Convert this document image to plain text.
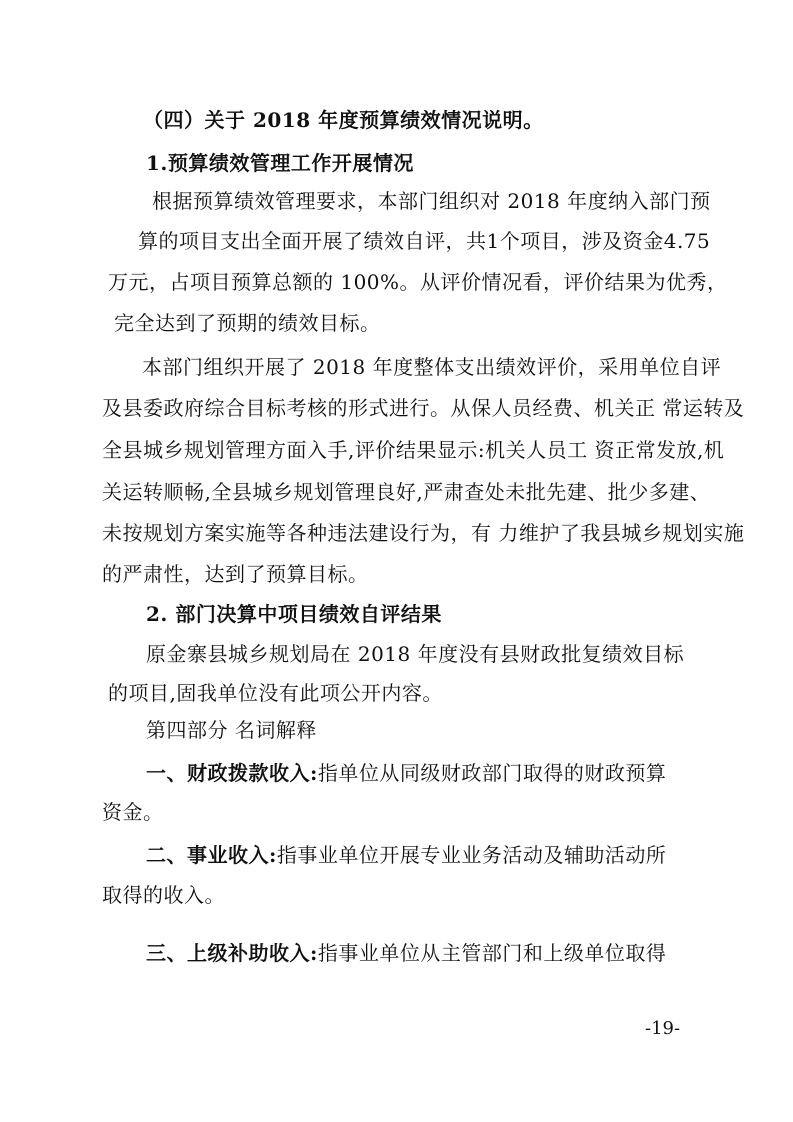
（四）关于 2018 年度预算绩效情况说明。
1.预算绩效管理工作开展情况
根据预算绩效管理要求，本部门组织对 2018 年度纳入部门预
算的项目支出全面开展了绩效自评，共1个项目，涉及资金4.75
万元，占项目预算总额的 100%。从评价情况看，评价结果为优秀，
完全达到了预期的绩效目标。
本部门组织开展了 2018 年度整体支出绩效评价，采用单位自评
及县委政府综合目标考核的形式进行。从保人员经费、机关正 常运转及
全县城乡规划管理方面入手,评价结果显示:机关人员工 资正常发放,机
关运转顺畅,全县城乡规划管理良好,严肃查处未批先建、批少多建、
未按规划方案实施等各种违法建设行为，有 力维护了我县城乡规划实施
的严肃性，达到了预算目标。
2. 部门决算中项目绩效自评结果
原金寨县城乡规划局在 2018 年度没有县财政批复绩效目标
的项目,固我单位没有此项公开内容。
第四部分 名词解释
一、财政拨款收入:指单位从同级财政部门取得的财政预算
资金。
二、事业收入:指事业单位开展专业业务活动及辅助活动所
取得的收入。
三、上级补助收入:指事业单位从主管部门和上级单位取得
-19-
